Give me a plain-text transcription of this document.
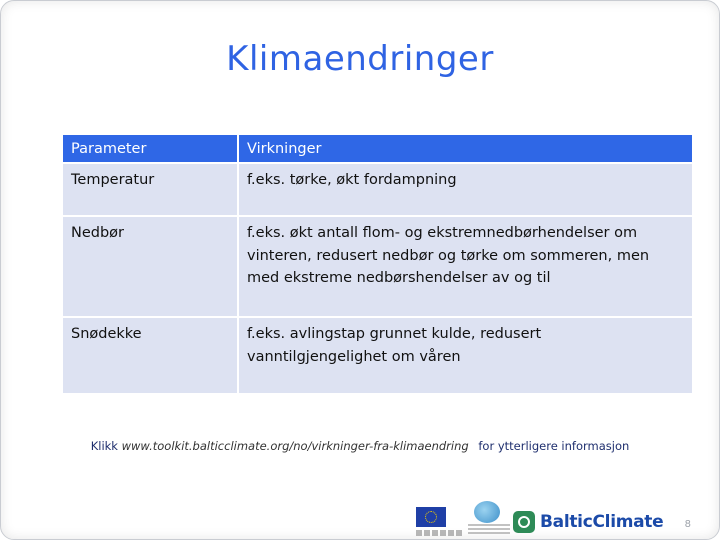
Klimaendringer
Parameter	Virkninger
Temperatur	f.eks. tørke, økt fordampning
Nedbør	f.eks. økt antall flom- og ekstremnedbørhendelser om vinteren, redusert nedbør og tørke om sommeren, men med ekstreme nedbørshendelser av og til
Snødekke	f.eks. avlingstap grunnet kulde, redusert vanntilgjengelighet om våren
Klikk www.toolkit.balticclimate.org/no/virkninger-fra-klimaendring for ytterligere informasjon
BalticClimate 8
